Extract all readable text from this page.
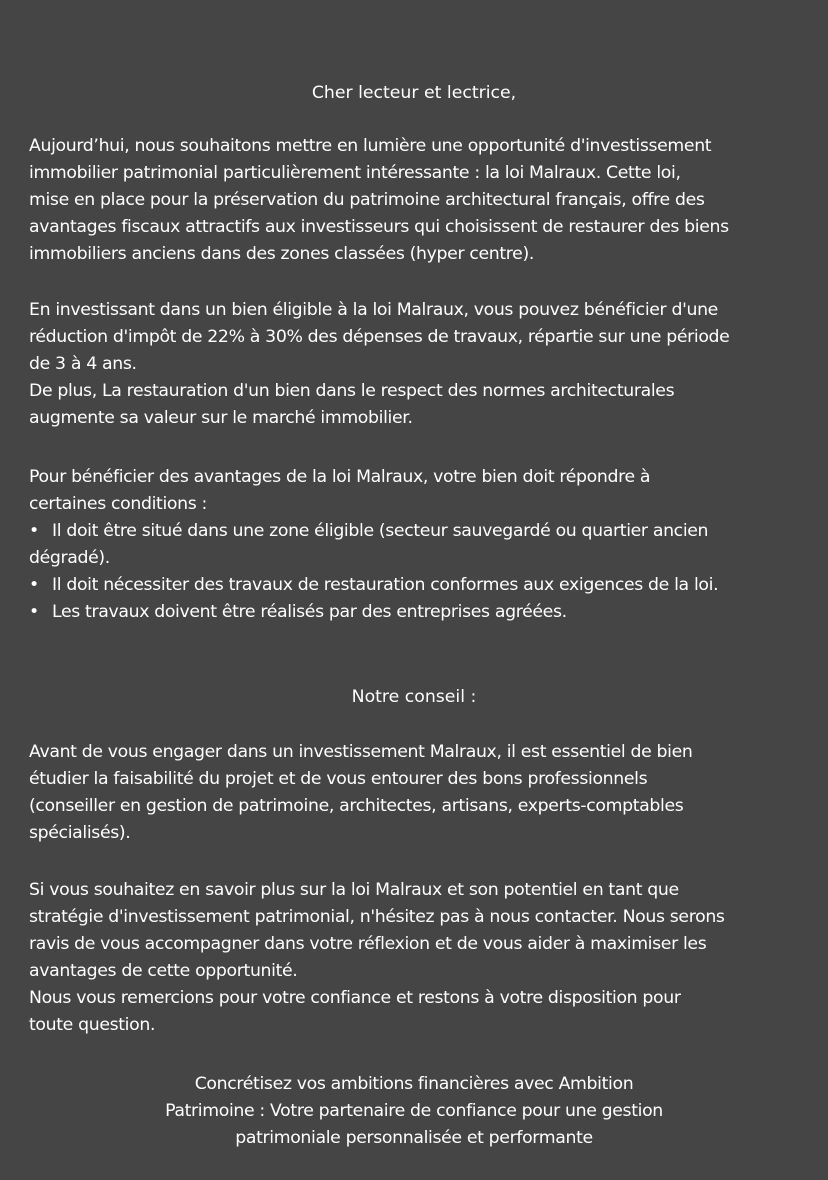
Cher lecteur et lectrice,
Aujourd’hui, nous souhaitons mettre en lumière une opportunité d'investissement
immobilier patrimonial particulièrement intéressante : la loi Malraux. Cette loi,
mise en place pour la préservation du patrimoine architectural français, offre des
avantages fiscaux attractifs aux investisseurs qui choisissent de restaurer des biens
immobiliers anciens dans des zones classées (hyper centre).
En investissant dans un bien éligible à la loi Malraux, vous pouvez bénéficier d'une
réduction d'impôt de 22% à 30% des dépenses de travaux, répartie sur une période
de 3 à 4 ans.
De plus, La restauration d'un bien dans le respect des normes architecturales
augmente sa valeur sur le marché immobilier.
Pour bénéficier des avantages de la loi Malraux, votre bien doit répondre à
certaines conditions :
• Il doit être situé dans une zone éligible (secteur sauvegardé ou quartier ancien
dégradé).
• Il doit nécessiter des travaux de restauration conformes aux exigences de la loi.
• Les travaux doivent être réalisés par des entreprises agréées.
Notre conseil :
Avant de vous engager dans un investissement Malraux, il est essentiel de bien
étudier la faisabilité du projet et de vous entourer des bons professionnels
(conseiller en gestion de patrimoine, architectes, artisans, experts-comptables
spécialisés).
Si vous souhaitez en savoir plus sur la loi Malraux et son potentiel en tant que
stratégie d'investissement patrimonial, n'hésitez pas à nous contacter. Nous serons
ravis de vous accompagner dans votre réflexion et de vous aider à maximiser les
avantages de cette opportunité.
Nous vous remercions pour votre confiance et restons à votre disposition pour
toute question.
Concrétisez vos ambitions financières avec Ambition
Patrimoine : Votre partenaire de confiance pour une gestion
patrimoniale personnalisée et performante
